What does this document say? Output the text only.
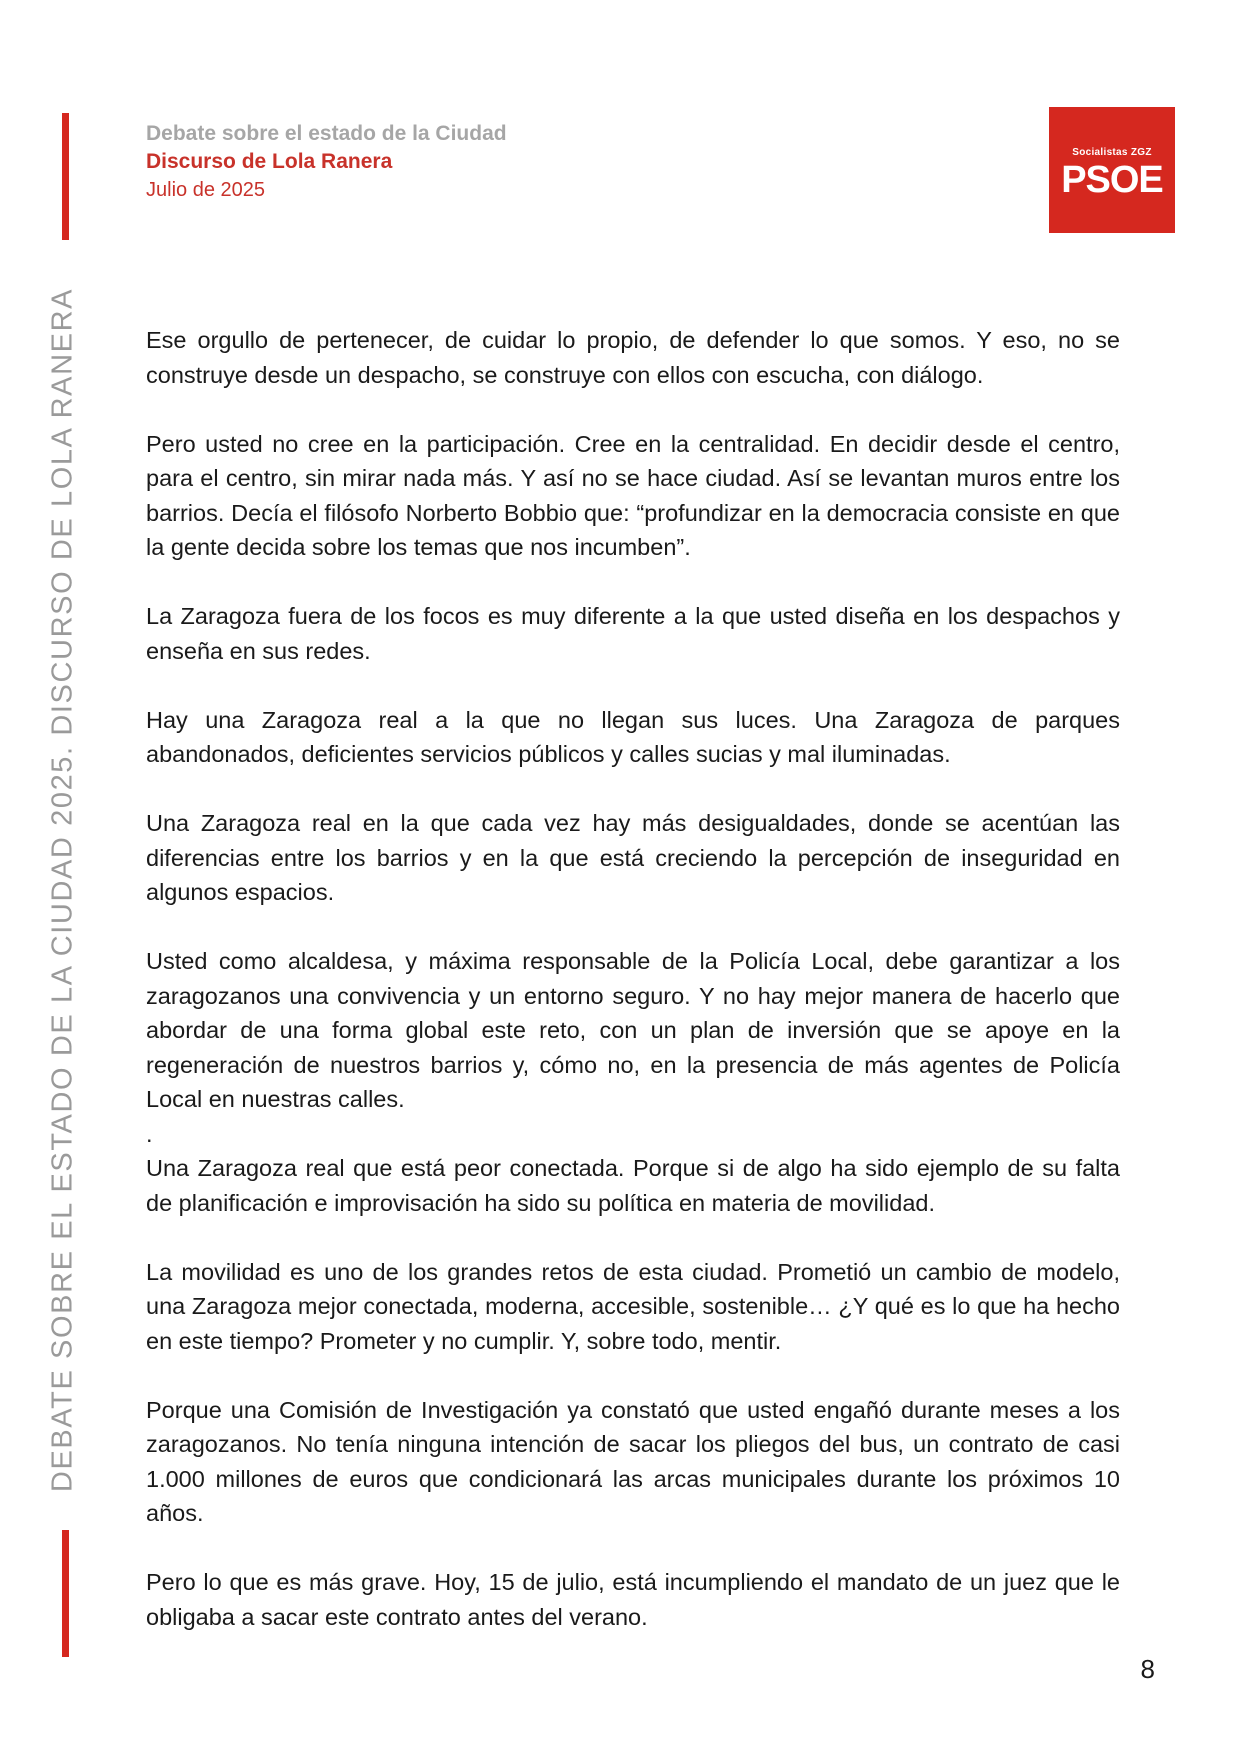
DEBATE SOBRE EL ESTADO DE LA CIUDAD 2025. DISCURSO DE LOLA RANERA
Debate sobre el estado de la Ciudad
Discurso de Lola Ranera
Julio de 2025
Socialistas ZGZ
PSOE

Ese orgullo de pertenecer, de cuidar lo propio, de defender lo que somos. Y eso, no se construye desde un despacho, se construye con ellos con escucha, con diálogo.

Pero usted no cree en la participación. Cree en la centralidad. En decidir desde el centro, para el centro, sin mirar nada más. Y así no se hace ciudad. Así se levantan muros entre los barrios. Decía el filósofo Norberto Bobbio que: “profundizar en la democracia consiste en que la gente decida sobre los temas que nos incumben”.

La Zaragoza fuera de los focos es muy diferente a la que usted diseña en los despachos y enseña en sus redes.

Hay una Zaragoza real a la que no llegan sus luces. Una Zaragoza de parques abandonados, deficientes servicios públicos y calles sucias y mal iluminadas.

Una Zaragoza real en la que cada vez hay más desigualdades, donde se acentúan las diferencias entre los barrios y en la que está creciendo la percepción de inseguridad en algunos espacios.

Usted como alcaldesa, y máxima responsable de la Policía Local, debe garantizar a los zaragozanos una convivencia y un entorno seguro. Y no hay mejor manera de hacerlo que abordar de una forma global este reto, con un plan de inversión que se apoye en la regeneración de nuestros barrios y, cómo no, en la presencia de más agentes de Policía Local en nuestras calles.

.

Una Zaragoza real que está peor conectada. Porque si de algo ha sido ejemplo de su falta de planificación e improvisación ha sido su política en materia de movilidad.

La movilidad es uno de los grandes retos de esta ciudad. Prometió un cambio de modelo, una Zaragoza mejor conectada, moderna, accesible, sostenible… ¿Y qué es lo que ha hecho en este tiempo? Prometer y no cumplir. Y, sobre todo, mentir.

Porque una Comisión de Investigación ya constató que usted engañó durante meses a los zaragozanos. No tenía ninguna intención de sacar los pliegos del bus, un contrato de casi 1.000 millones de euros que condicionará las arcas municipales durante los próximos 10 años.

Pero lo que es más grave. Hoy, 15 de julio, está incumpliendo el mandato de un juez que le obligaba a sacar este contrato antes del verano.

8
